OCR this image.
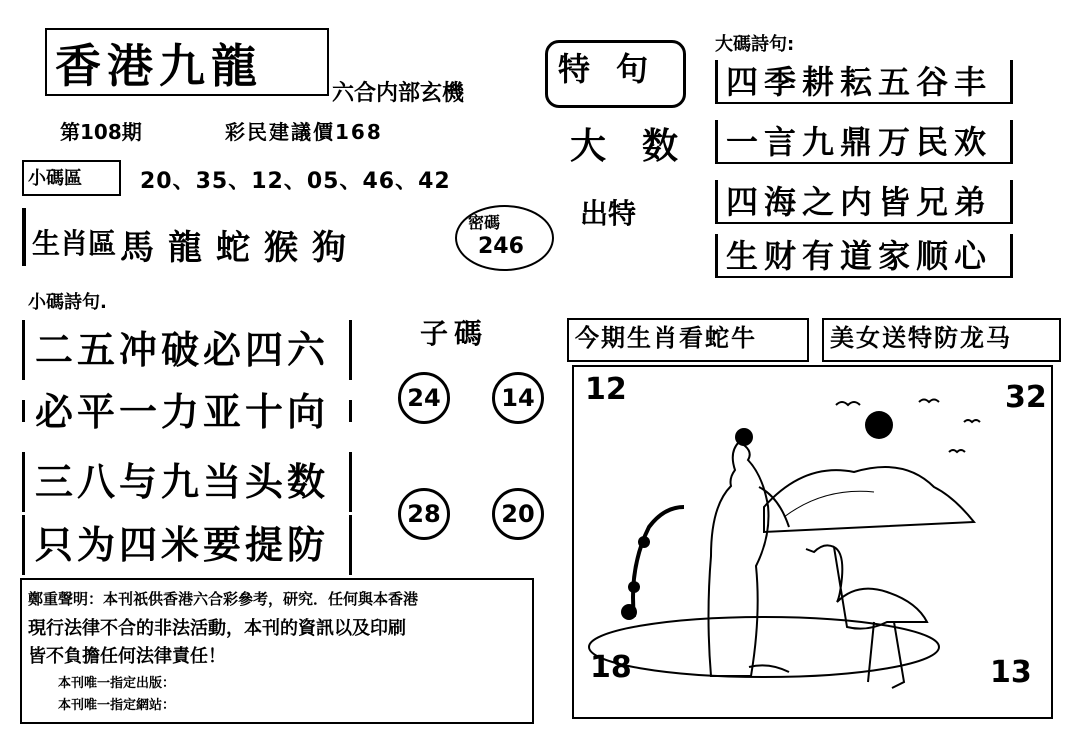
香港九龍
六合内部玄機
第108期	彩民建議價168
小碼區	20、35、12、05、46、42
生肖區 馬龍蛇猴狗
密碼
246
特句
大数
出特
大碼詩句:
四季耕耘五谷丰
一言九鼎万民欢
四海之内皆兄弟
生财有道家顺心
小碼詩句.
二五冲破必四六
必平一力亚十向
三八与九当头数
只为四米要提防
子碼
24	14
28	20
今期生肖看蛇牛	美女送特防龙马
12	32
18	13
鄭重聲明：本刊祇供香港六合彩參考，研究．任何與本香港
現行法律不合的非法活動，本刊的資訊以及印刷
皆不負擔任何法律責任！
本刊唯一指定出版：
本刊唯一指定網站：
